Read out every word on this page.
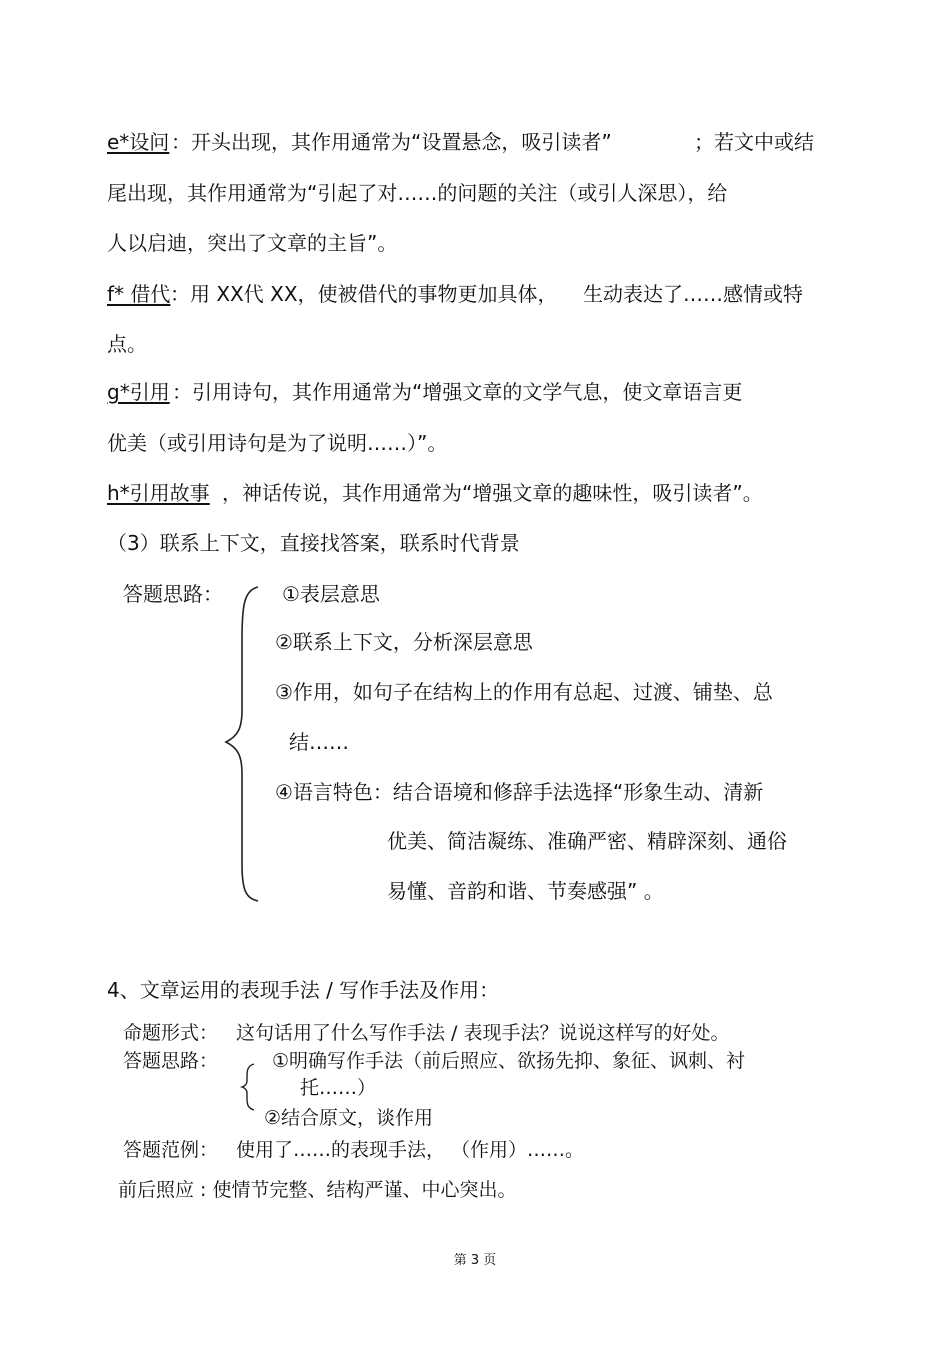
e*设问 ：开头出现，其作用通常为“设置悬念，吸引读者”	；若文中或结
尾出现，其作用通常为“引起了对……的问题的关注（或引人深思），给
人以启迪，突出了文章的主旨”。
f* 借代 ：用 XX代 XX，使被借代的事物更加具体， 生动表达了……感情或特
点。
g*引用 ：引用诗句，其作用通常为“增强文章的文学气息，使文章语言更
优美（或引用诗句是为了说明……）”。
h*引用故事 ，神话传说，其作用通常为“增强文章的趣味性，吸引读者”。
（3）联系上下文，直接找答案，联系时代背景
答题思路：	①表层意思
②联系上下文，分析深层意思
③作用，如句子在结构上的作用有总起、过渡、铺垫、总
结……
④语言特色：结合语境和修辞手法选择“形象生动、清新
优美、简洁凝练、准确严密、精辟深刻、通俗
易懂、音韵和谐、节奏感强” 。
4、文章运用的表现手法 / 写作手法及作用：
命题形式： 这句话用了什么写作手法 / 表现手法？说说这样写的好处。
答题思路：	①明确写作手法（前后照应、欲扬先抑、象征、讽刺、衬
托……）
②结合原文，谈作用
答题范例： 使用了……的表现手法， （作用）……。
前后照应 : 使情节完整、结构严谨、中心突出。
第 3 页
